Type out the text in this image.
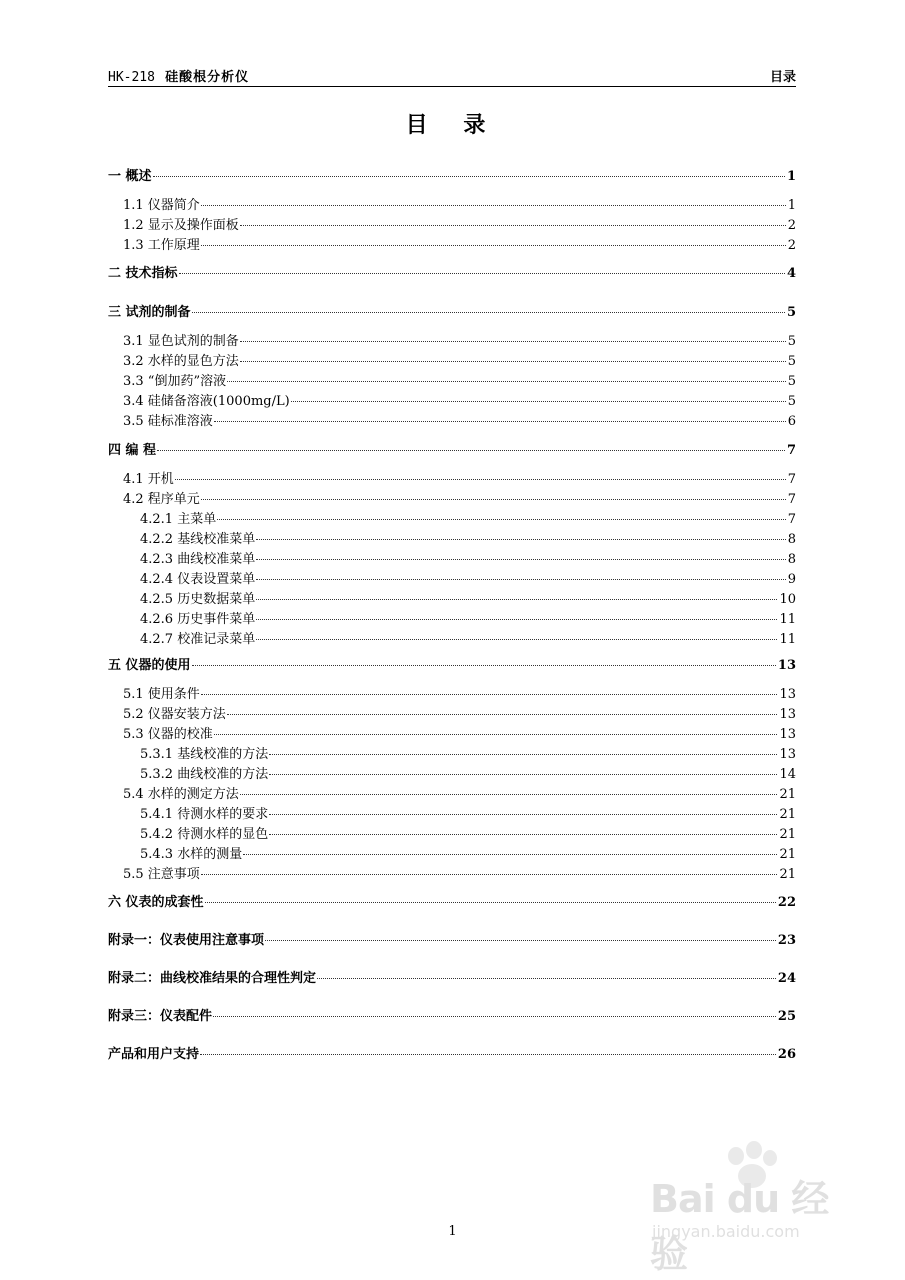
HK-218 硅酸根分析仪	目录
目 录
一 概述	1
1.1 仪器简介	1
1.2 显示及操作面板	2
1.3 工作原理	2
二 技术指标	4
三 试剂的制备	5
3.1 显色试剂的制备	5
3.2 水样的显色方法	5
3.3 “倒加药”溶液	5
3.4 硅储备溶液(1000mg/L)	5
3.5 硅标准溶液	6
四 编 程	7
4.1 开机	7
4.2 程序单元	7
4.2.1 主菜单	7
4.2.2 基线校准菜单	8
4.2.3 曲线校准菜单	8
4.2.4 仪表设置菜单	9
4.2.5 历史数据菜单	10
4.2.6 历史事件菜单	11
4.2.7 校准记录菜单	11
五 仪器的使用	13
5.1 使用条件	13
5.2 仪器安装方法	13
5.3 仪器的校准	13
5.3.1 基线校准的方法	13
5.3.2 曲线校准的方法	14
5.4 水样的测定方法	21
5.4.1 待测水样的要求	21
5.4.2 待测水样的显色	21
5.4.3 水样的测量	21
5.5 注意事项	21
六 仪表的成套性	22
附录一：仪表使用注意事项	23
附录二：曲线校准结果的合理性判定	24
附录三：仪表配件	25
产品和用户支持	26
1
Bai du 经验
jingyan.baidu.com
